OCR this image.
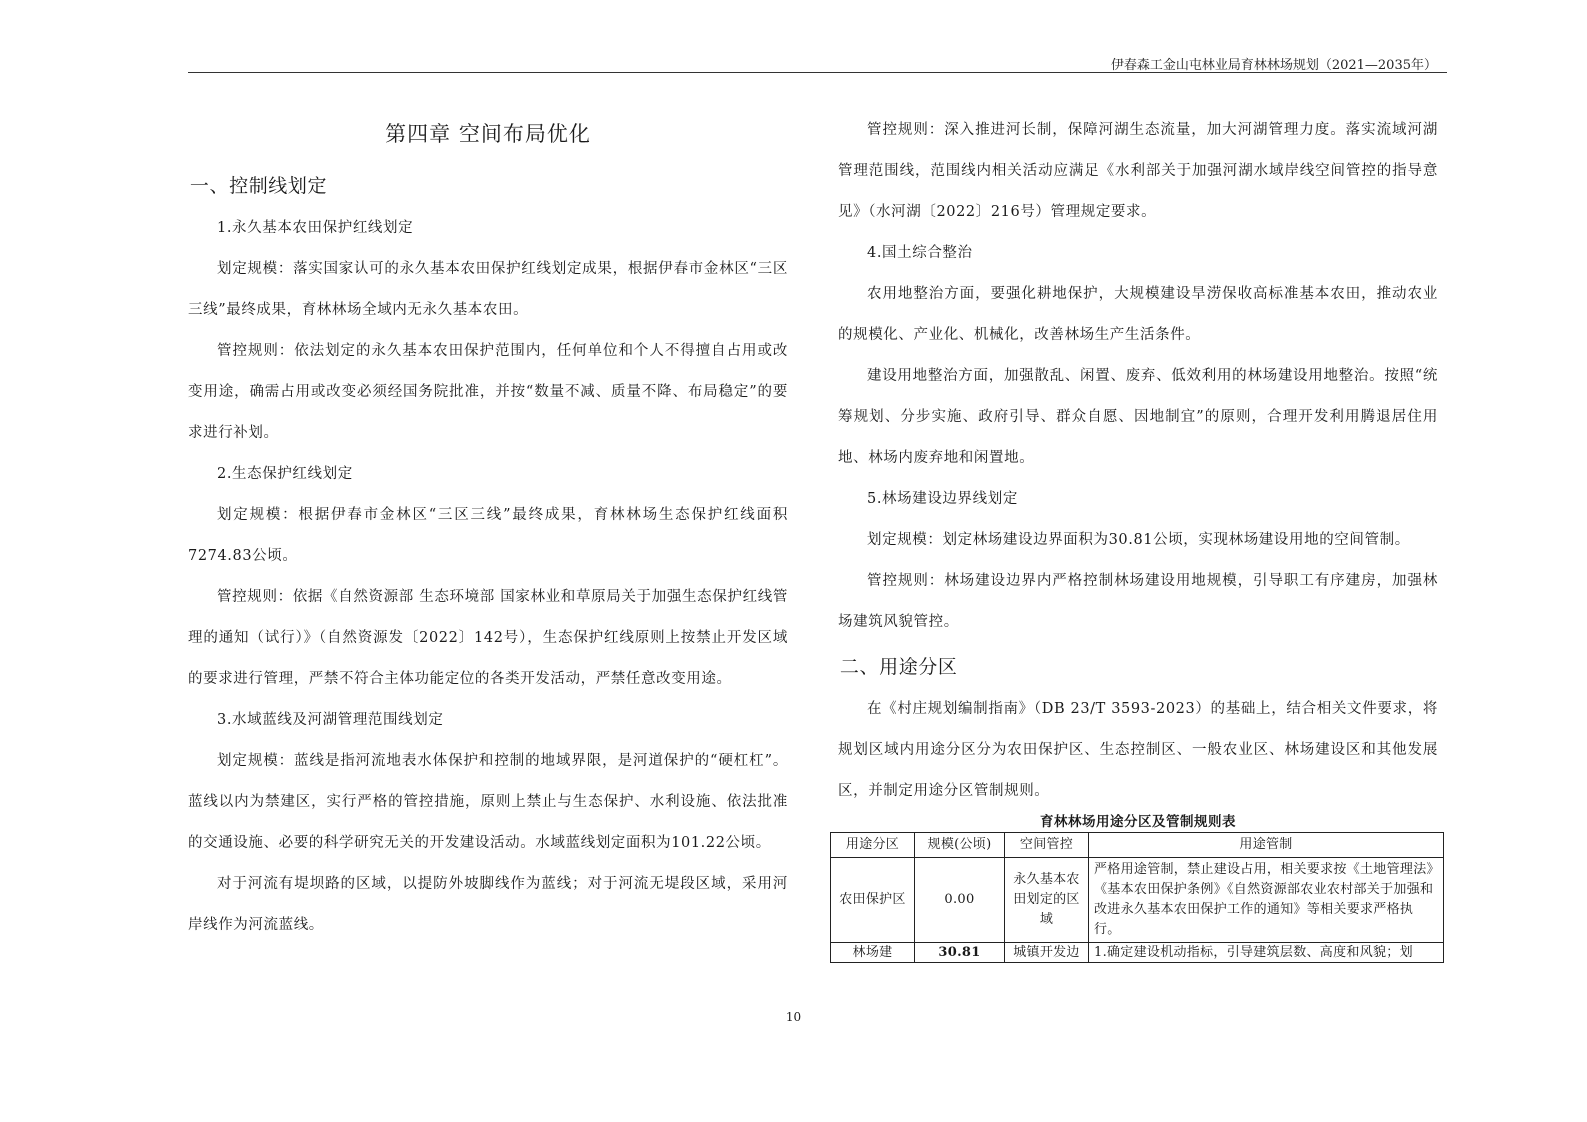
伊春森工金山屯林业局育林林场规划（2021—2035年）
第四章 空间布局优化
一、控制线划定

1.永久基本农田保护红线划定

划定规模：落实国家认可的永久基本农田保护红线划定成果，根据伊春市金林区“三区三线”最终成果，育林林场全域内无永久基本农田。

管控规则：依法划定的永久基本农田保护范围内，任何单位和个人不得擅自占用或改变用途，确需占用或改变必须经国务院批准，并按“数量不减、质量不降、布局稳定”的要求进行补划。

2.生态保护红线划定

划定规模：根据伊春市金林区“三区三线”最终成果，育林林场生态保护红线面积7274.83公顷。

管控规则：依据《自然资源部 生态环境部 国家林业和草原局关于加强生态保护红线管理的通知（试行）》（自然资源发〔2022〕142号），生态保护红线原则上按禁止开发区域的要求进行管理，严禁不符合主体功能定位的各类开发活动，严禁任意改变用途。

3.水域蓝线及河湖管理范围线划定

划定规模：蓝线是指河流地表水体保护和控制的地域界限，是河道保护的“硬杠杠”。蓝线以内为禁建区，实行严格的管控措施，原则上禁止与生态保护、水利设施、依法批准的交通设施、必要的科学研究无关的开发建设活动。水域蓝线划定面积为101.22公顷。

对于河流有堤坝路的区域，以提防外坡脚线作为蓝线；对于河流无堤段区域，采用河岸线作为河流蓝线。

管控规则：深入推进河长制，保障河湖生态流量，加大河湖管理力度。落实流域河湖管理范围线，范围线内相关活动应满足《水利部关于加强河湖水域岸线空间管控的指导意见》（水河湖〔2022〕216号）管理规定要求。

4.国土综合整治

农用地整治方面，要强化耕地保护，大规模建设旱涝保收高标准基本农田，推动农业的规模化、产业化、机械化，改善林场生产生活条件。

建设用地整治方面，加强散乱、闲置、废弃、低效利用的林场建设用地整治。按照“统筹规划、分步实施、政府引导、群众自愿、因地制宜”的原则，合理开发利用腾退居住用地、林场内废弃地和闲置地。

5.林场建设边界线划定

划定规模：划定林场建设边界面积为30.81公顷，实现林场建设用地的空间管制。

管控规则：林场建设边界内严格控制林场建设用地规模，引导职工有序建房，加强林场建筑风貌管控。

二、用途分区

在《村庄规划编制指南》（DB 23/T 3593-2023）的基础上，结合相关文件要求，将规划区域内用途分区分为农田保护区、生态控制区、一般农业区、林场建设区和其他发展区，并制定用途分区管制规则。

育林林场用途分区及管制规则表
用途分区	规模(公顷)	空间管控	用途管制
农田保护区	0.00	永久基本农田划定的区域	严格用途管制，禁止建设占用，相关要求按《土地管理法》《基本农田保护条例》《自然资源部农业农村部关于加强和改进永久基本农田保护工作的通知》等相关要求严格执行。
林场建	30.81	城镇开发边	1.确定建设机动指标，引导建筑层数、高度和风貌；划
10
